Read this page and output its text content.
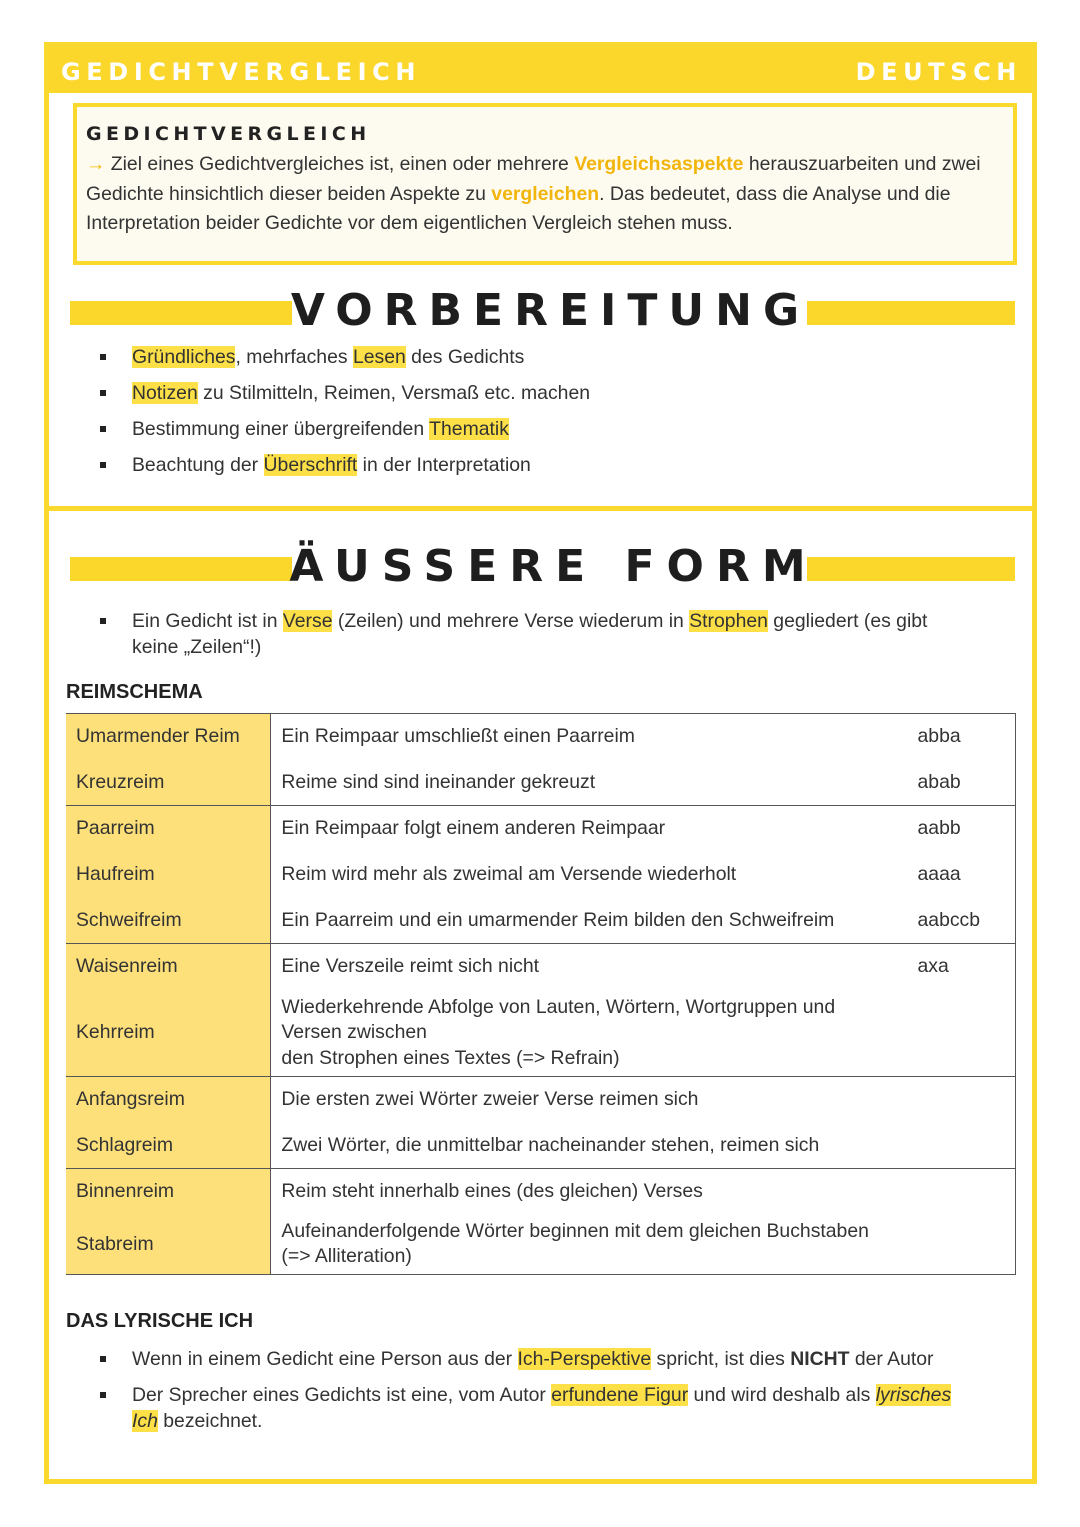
GEDICHTVERGLEICH	DEUTSCH
GEDICHTVERGLEICH

→ Ziel eines Gedichtvergleiches ist, einen oder mehrere Vergleichsaspekte herauszuarbeiten und zwei Gedichte hinsichtlich dieser beiden Aspekte zu vergleichen. Das bedeutet, dass die Analyse und die Interpretation beider Gedichte vor dem eigentlichen Vergleich stehen muss.

VORBEREITUNG
Gründliches, mehrfaches Lesen des Gedichts
Notizen zu Stilmitteln, Reimen, Versmaß etc. machen
Bestimmung einer übergreifenden Thematik
Beachtung der Überschrift in der Interpretation
ÄUSSERE FORM
Ein Gedicht ist in Verse (Zeilen) und mehrere Verse wiederum in Strophen gegliedert (es gibt keine „Zeilen“!)
REIMSCHEMA
Umarmender Reim	Ein Reimpaar umschließt einen Paarreim	abba
Kreuzreim	Reime sind sind ineinander gekreuzt	abab
Paarreim	Ein Reimpaar folgt einem anderen Reimpaar	aabb
Haufreim	Reim wird mehr als zweimal am Versende wiederholt	aaaa
Schweifreim	Ein Paarreim und ein umarmender Reim bilden den Schweifreim	aabccb
Waisenreim	Eine Verszeile reimt sich nicht	axa
Kehrreim	Wiederkehrende Abfolge von Lauten, Wörtern, Wortgruppen und Versen zwischen
den Strophen eines Textes (=> Refrain)	
Anfangsreim	Die ersten zwei Wörter zweier Verse reimen sich	
Schlagreim	Zwei Wörter, die unmittelbar nacheinander stehen, reimen sich	
Binnenreim	Reim steht innerhalb eines (des gleichen) Verses	
Stabreim	Aufeinanderfolgende Wörter beginnen mit dem gleichen Buchstaben (=> Alliteration)	
DAS LYRISCHE ICH
Wenn in einem Gedicht eine Person aus der Ich-Perspektive spricht, ist dies NICHT der Autor
Der Sprecher eines Gedichts ist eine, vom Autor erfundene Figur und wird deshalb als lyrisches Ich bezeichnet.
